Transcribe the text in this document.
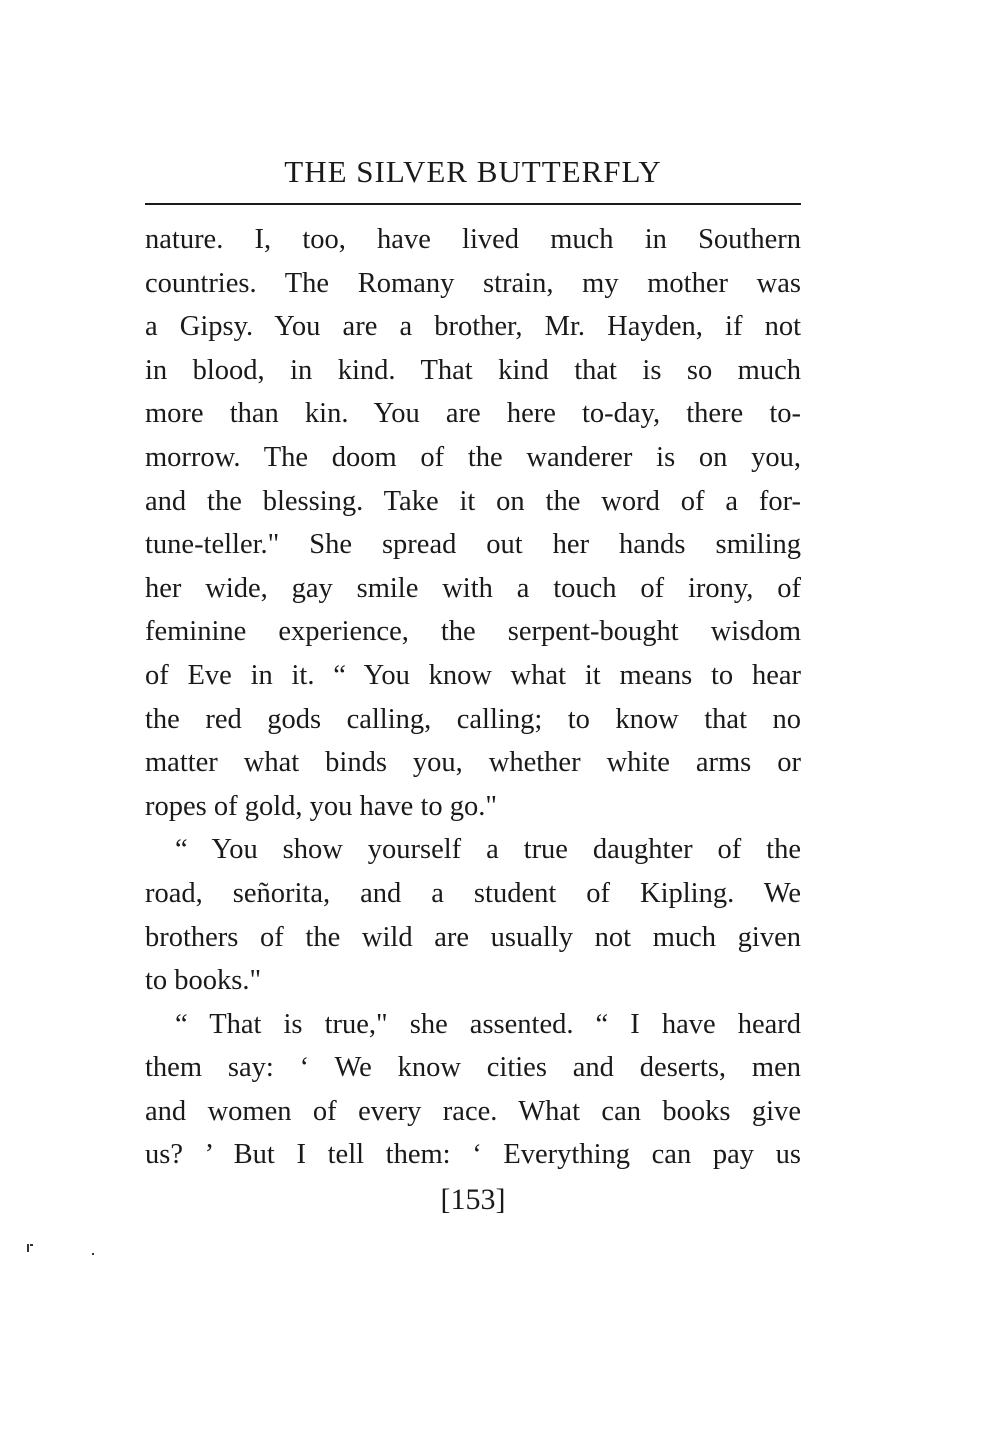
THE SILVER BUTTERFLY
nature. I, too, have lived much in Southern
countries. The Romany strain, my mother was
a Gipsy. You are a brother, Mr. Hayden, if not
in blood, in kind. That kind that is so much
more than kin. You are here to-day, there to-
morrow. The doom of the wanderer is on you,
and the blessing. Take it on the word of a for-
tune-teller." She spread out her hands smiling
her wide, gay smile with a touch of irony, of
feminine experience, the serpent-bought wisdom
of Eve in it. “ You know what it means to hear
the red gods calling, calling; to know that no
matter what binds you, whether white arms or
ropes of gold, you have to go."
“ You show yourself a true daughter of the
road, señorita, and a student of Kipling. We
brothers of the wild are usually not much given
to books."
“ That is true," she assented. “ I have heard
them say: ‘ We know cities and deserts, men
and women of every race. What can books give
us? ’ But I tell them: ‘ Everything can pay us
[153]
